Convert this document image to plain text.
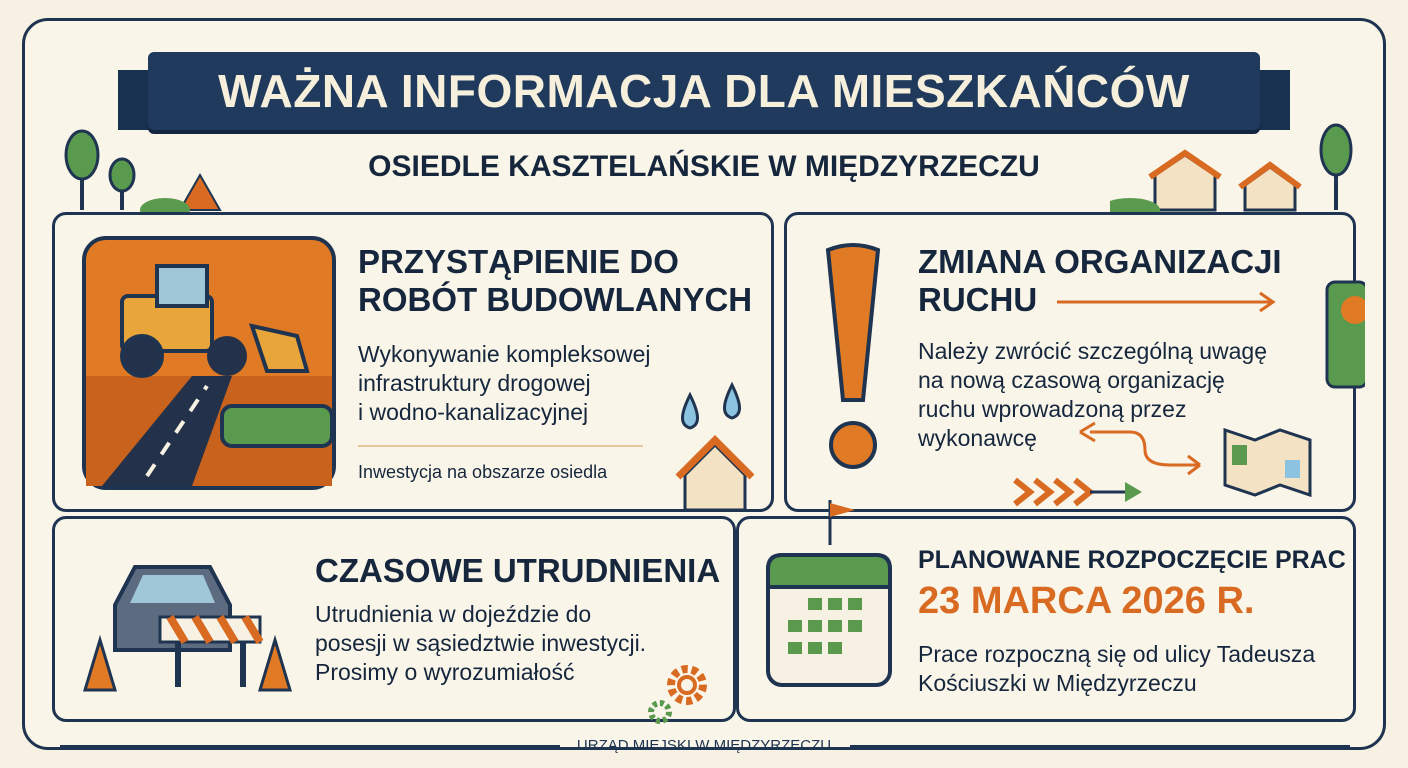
WAŻNA INFORMACJA DLA MIESZKAŃCÓW
OSIEDLE KASZTELAŃSKIE W MIĘDZYRZECZU
PRZYSTĄPIENIE DO
ROBÓT BUDOWLANYCH
Wykonywanie kompleksowej
infrastruktury drogowej
i wodno-kanalizacyjnej
Inwestycja na obszarze osiedla
ZMIANA ORGANIZACJI
RUCHU
Należy zwrócić szczególną uwagę
na nową czasową organizację
ruchu wprowadzoną przez
wykonawcę
CZASOWE UTRUDNIENIA
Utrudnienia w dojeździe do
posesji w sąsiedztwie inwestycji.
Prosimy o wyrozumiałość
PLANOWANE ROZPOCZĘCIE PRAC
23 MARCA 2026 R.
Prace rozpoczną się od ulicy Tadeusza
Kościuszki w Międzyrzeczu
URZĄD MIEJSKI W MIĘDZYRZECZU
